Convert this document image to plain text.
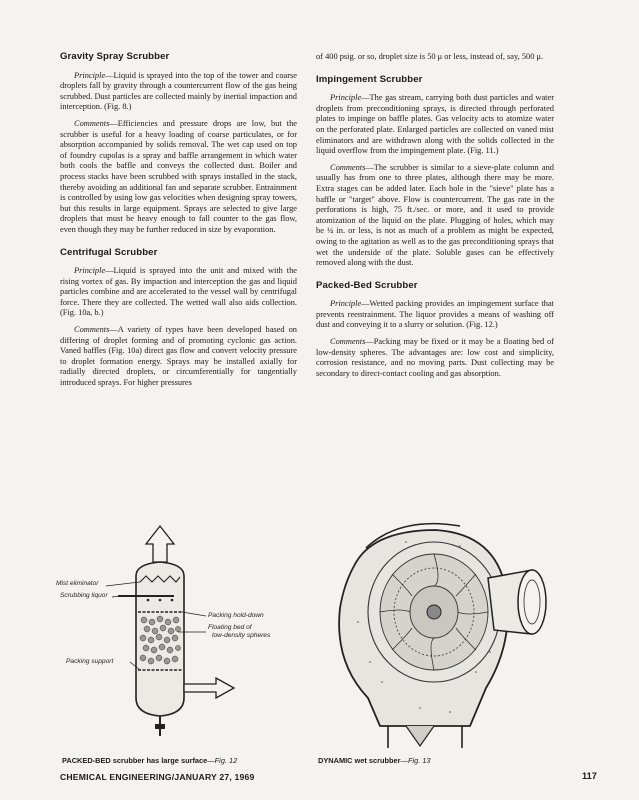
Gravity Spray Scrubber

Principle—Liquid is sprayed into the top of the tower and coarse droplets fall by gravity through a countercurrent flow of the gas being scrubbed. Dust particles are collected mainly by inertial impaction and interception. (Fig. 8.)

Comments—Efficiencies and pressure drops are low, but the scrubber is useful for a heavy loading of coarse particulates, or for absorption accompanied by solids removal. The wet cap used on top of foundry cupolas is a spray and baffle arrangement in which water both cools the baffle and conveys the collected dust. Boiler and process stacks have been scrubbed with sprays installed in the stack, thereby avoiding an additional fan and separate scrubber. Entrainment is controlled by using low gas velocities when designing spray towers, but this results in large equipment. Sprays are selected to give large droplets that must be heavy enough to fall counter to the gas flow, even though they may be further reduced in size by evaporation.

Centrifugal Scrubber

Principle—Liquid is sprayed into the unit and mixed with the rising vortex of gas. By impaction and interception the gas and liquid particles combine and are accelerated to the vessel wall by centrifugal force. There they are collected. The wetted wall also aids collection. (Fig. 10a, b.)

Comments—A variety of types have been developed based on differing of droplet forming and of promoting cyclonic gas action. Vaned baffles (Fig. 10a) direct gas flow and convert velocity pressure to droplet formation energy. Sprays may be installed axially for radially directed droplets, or circumferentially for tangentially introduced sprays. For higher pressures

of 400 psig. or so, droplet size is 50 μ or less, instead of, say, 500 μ.

Impingement Scrubber

Principle—The gas stream, carrying both dust particles and water droplets from preconditioning sprays, is directed through perforated plates to impinge on baffle plates. Gas velocity acts to atomize water on the perforated plate. Enlarged particles are collected on vaned mist eliminators and are withdrawn along with the solids collected in the liquid overflow from the impingement plate. (Fig. 11.)

Comments—The scrubber is similar to a sieve-plate column and usually has from one to three plates, although there may be more. Extra stages can be added later. Each hole in the "sieve" plate has a baffle or "target" above. Flow is countercurrent. The gas rate in the perforations is high, 75 ft./sec. or more, and it used to provide atomization of the liquid on the plate. Plugging of holes, which may be ¼ in. or less, is not as much of a problem as might be expected, owing to the agitation as well as to the gas preconditioning sprays that wet the underside of the plate. Soluble gases can be effectively removed along with the dust.

Packed-Bed Scrubber

Principle—Wetted packing provides an impingement surface that prevents reentrainment. The liquor provides a means of washing off dust and conveying it to a slurry or solution. (Fig. 12.)

Comments—Packing may be fixed or it may be a floating bed of low-density spheres. The advantages are: low cost and simplicity, corrosion resistance, and no moving parts. Dust collecting may be secondary to direct-contact cooling and gas absorption.

Mist eliminator
Scrubbing liquor
Packing hold-down
Floating bed of
low-density spheres
Packing support
PACKED-BED scrubber has large surface—Fig. 12	DYNAMIC wet scrubber—Fig. 13
CHEMICAL ENGINEERING/JANUARY 27, 1969	117
